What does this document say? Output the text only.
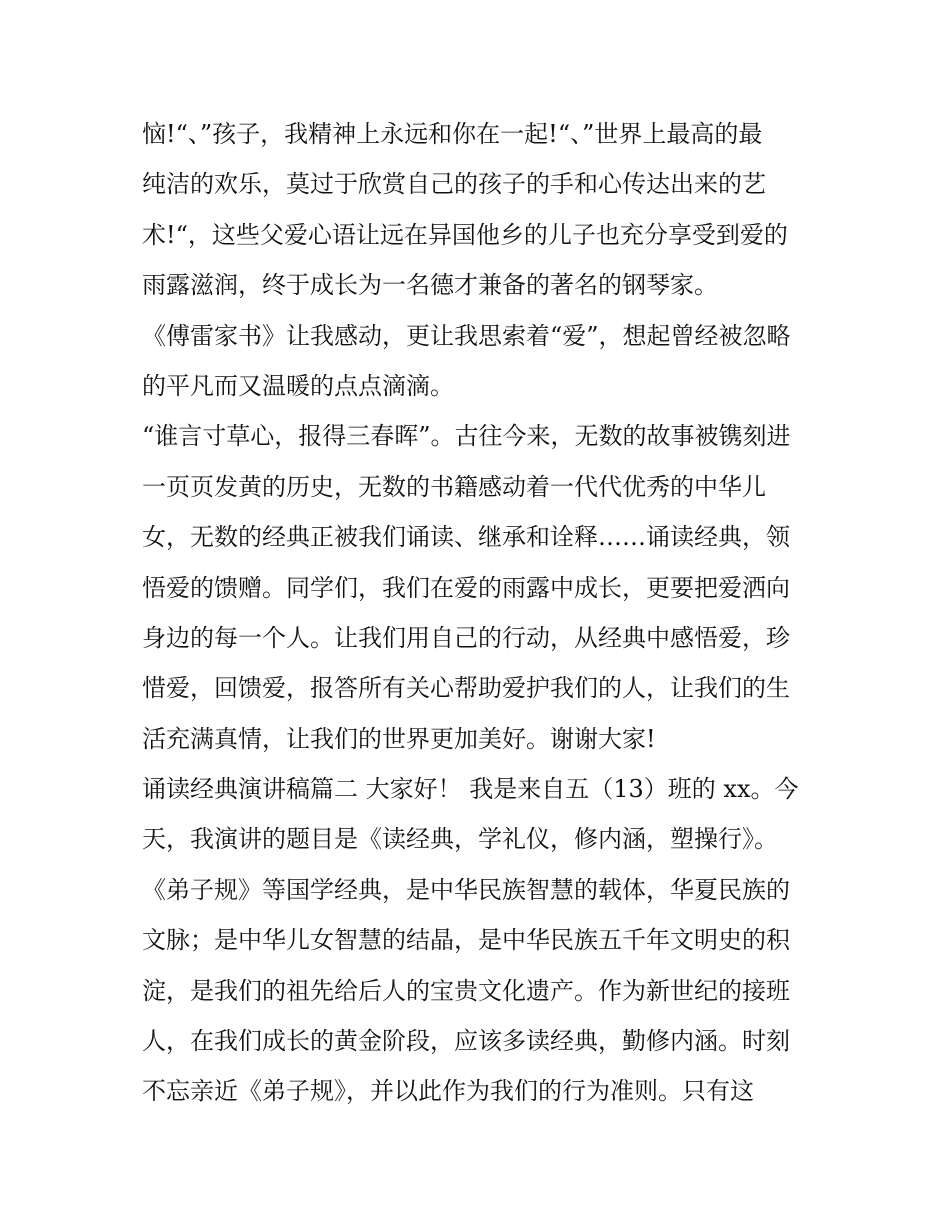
恼!“、”孩子，我精神上永远和你在一起!“、”世界上最高的最
纯洁的欢乐，莫过于欣赏自己的孩子的手和心传达出来的艺
术!“，这些父爱心语让远在异国他乡的儿子也充分享受到爱的
雨露滋润，终于成长为一名德才兼备的著名的钢琴家。
《傅雷家书》让我感动，更让我思索着“爱”，想起曾经被忽略
的平凡而又温暖的点点滴滴。
“谁言寸草心，报得三春晖”。古往今来，无数的故事被镌刻进
一页页发黄的历史，无数的书籍感动着一代代优秀的中华儿
女，无数的经典正被我们诵读、继承和诠释……诵读经典，领
悟爱的馈赠。同学们，我们在爱的雨露中成长，更要把爱洒向
身边的每一个人。让我们用自己的行动，从经典中感悟爱，珍
惜爱，回馈爱，报答所有关心帮助爱护我们的人，让我们的生
活充满真情，让我们的世界更加美好。谢谢大家!
诵读经典演讲稿篇二 大家好！ 我是来自五（13）班的 xx。今
天，我演讲的题目是《读经典，学礼仪，修内涵，塑操行》。
《弟子规》等国学经典，是中华民族智慧的载体，华夏民族的
文脉；是中华儿女智慧的结晶，是中华民族五千年文明史的积
淀，是我们的祖先给后人的宝贵文化遗产。作为新世纪的接班
人，在我们成长的黄金阶段，应该多读经典，勤修内涵。时刻
不忘亲近《弟子规》，并以此作为我们的行为准则。只有这
